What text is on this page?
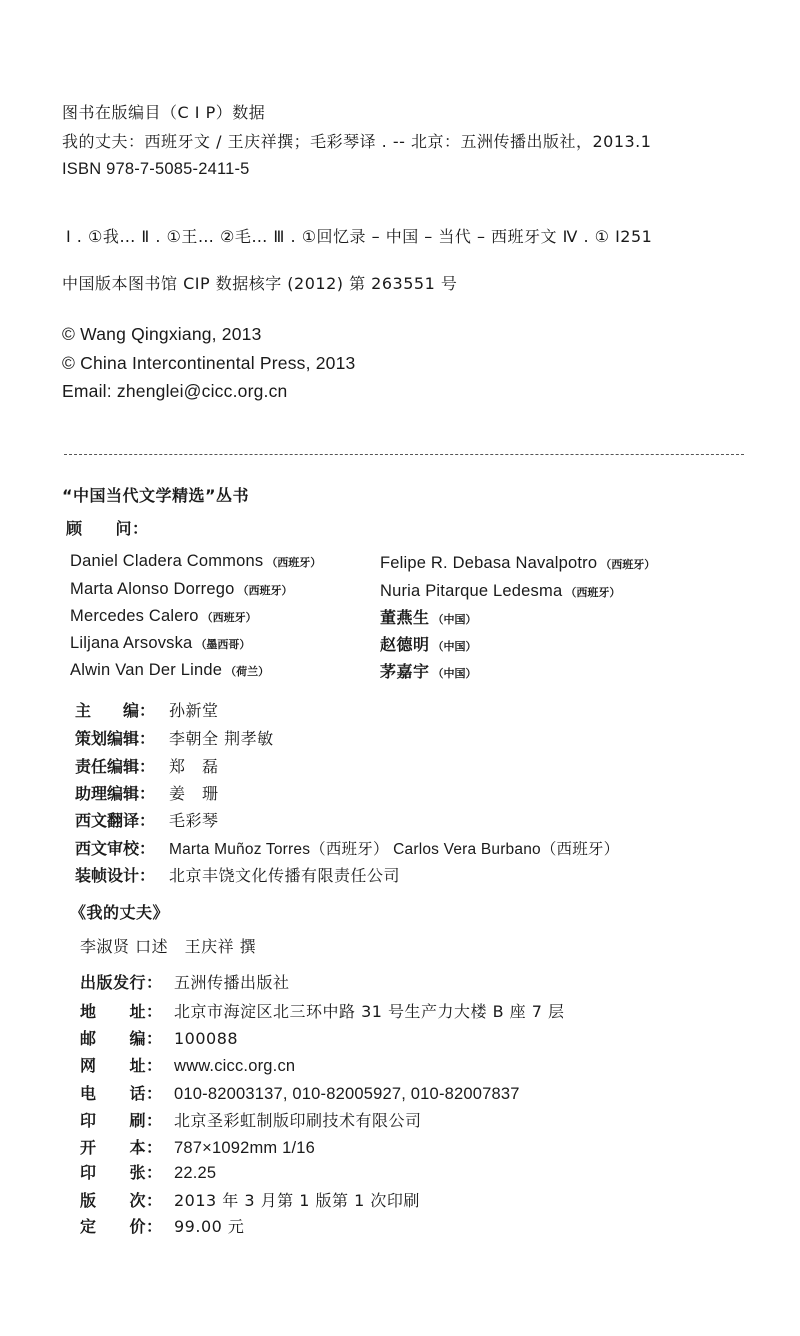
图书在版编目（C I P）数据
我的丈夫：西班牙文 / 王庆祥撰；毛彩琴译 . -- 北京：五洲传播出版社，2013.1
ISBN 978-7-5085-2411-5
Ⅰ . ①我… Ⅱ . ①王… ②毛… Ⅲ . ①回忆录 – 中国 – 当代 – 西班牙文 Ⅳ . ① I251
中国版本图书馆 CIP 数据核字 (2012) 第 263551 号
© Wang Qingxiang, 2013
© China Intercontinental Press, 2013
Email: zhenglei@cicc.org.cn
“中国当代文学精选”丛书
顾　　问：
Daniel Cladera Commons （西班牙）
Marta Alonso Dorrego （西班牙）
Mercedes Calero （西班牙）
Liljana Arsovska （墨西哥）
Alwin Van Der Linde （荷兰）
Felipe R. Debasa Navalpotro （西班牙）
Nuria Pitarque Ledesma （西班牙）
董燕生 （中国）
赵德明 （中国）
茅嘉宇 （中国）
主　　编： 孙新堂
策划编辑： 李朝全 荆孝敏
责任编辑： 郑　磊
助理编辑： 姜　珊
西文翻译： 毛彩琴
西文审校： Marta Muñoz Torres（西班牙） Carlos Vera Burbano（西班牙）
装帧设计： 北京丰饶文化传播有限责任公司
《我的丈夫》
李淑贤 口述　王庆祥 撰
出版发行： 五洲传播出版社
地　　址： 北京市海淀区北三环中路 31 号生产力大楼 B 座 7 层
邮　　编： 100088
网　　址： www.cicc.org.cn
电　　话： 010-82003137, 010-82005927, 010-82007837
印　　刷： 北京圣彩虹制版印刷技术有限公司
开　　本： 787×1092mm 1/16
印　　张： 22.25
版　　次： 2013 年 3 月第 1 版第 1 次印刷
定　　价： 99.00 元
